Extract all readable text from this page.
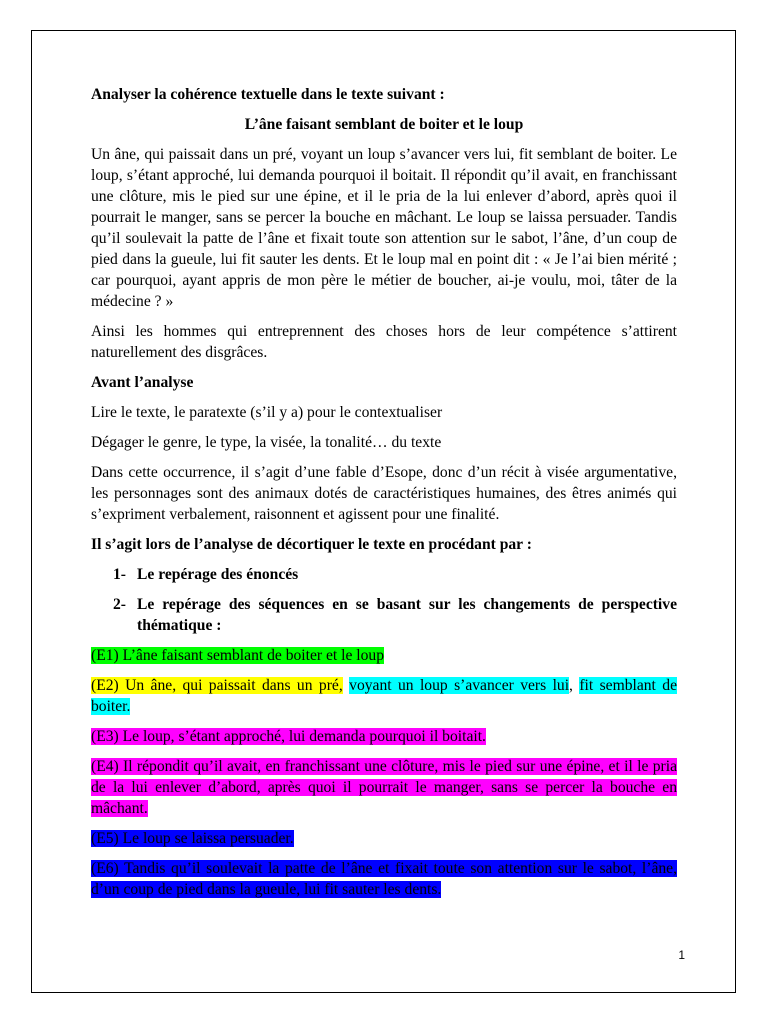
Analyser la cohérence textuelle dans le texte suivant :

L’âne faisant semblant de boiter et le loup

Un âne, qui paissait dans un pré, voyant un loup s’avancer vers lui, fit semblant de boiter. Le loup, s’étant approché, lui demanda pourquoi il boitait. Il répondit qu’il avait, en franchissant une clôture, mis le pied sur une épine, et il le pria de la lui enlever d’abord, après quoi il pourrait le manger, sans se percer la bouche en mâchant. Le loup se laissa persuader. Tandis qu’il soulevait la patte de l’âne et fixait toute son attention sur le sabot, l’âne, d’un coup de pied dans la gueule, lui fit sauter les dents. Et le loup mal en point dit : « Je l’ai bien mérité ; car pourquoi, ayant appris de mon père le métier de boucher, ai-je voulu, moi, tâter de la médecine ? »

Ainsi les hommes qui entreprennent des choses hors de leur compétence s’attirent naturellement des disgrâces.

Avant l’analyse

Lire le texte, le paratexte (s’il y a) pour le contextualiser

Dégager le genre, le type, la visée, la tonalité… du texte

Dans cette occurrence, il s’agit d’une fable d’Esope, donc d’un récit à visée argumentative, les personnages sont des animaux dotés de caractéristiques humaines, des êtres animés qui s’expriment verbalement, raisonnent et agissent pour une finalité.

Il s’agit lors de l’analyse de décortiquer le texte en procédant par :

1- Le repérage des énoncés
2- Le repérage des séquences en se basant sur les changements de perspective thématique :

(E1) L’âne faisant semblant de boiter et le loup

(E2) Un âne, qui paissait dans un pré, voyant un loup s’avancer vers lui, fit semblant de boiter.

(E3) Le loup, s’étant approché, lui demanda pourquoi il boitait.

(E4) Il répondit qu’il avait, en franchissant une clôture, mis le pied sur une épine, et il le pria de la lui enlever d’abord, après quoi il pourrait le manger, sans se percer la bouche en mâchant.

(E5) Le loup se laissa persuader.

(E6) Tandis qu’il soulevait la patte de l’âne et fixait toute son attention sur le sabot, l’âne, d’un coup de pied dans la gueule, lui fit sauter les dents.

1
